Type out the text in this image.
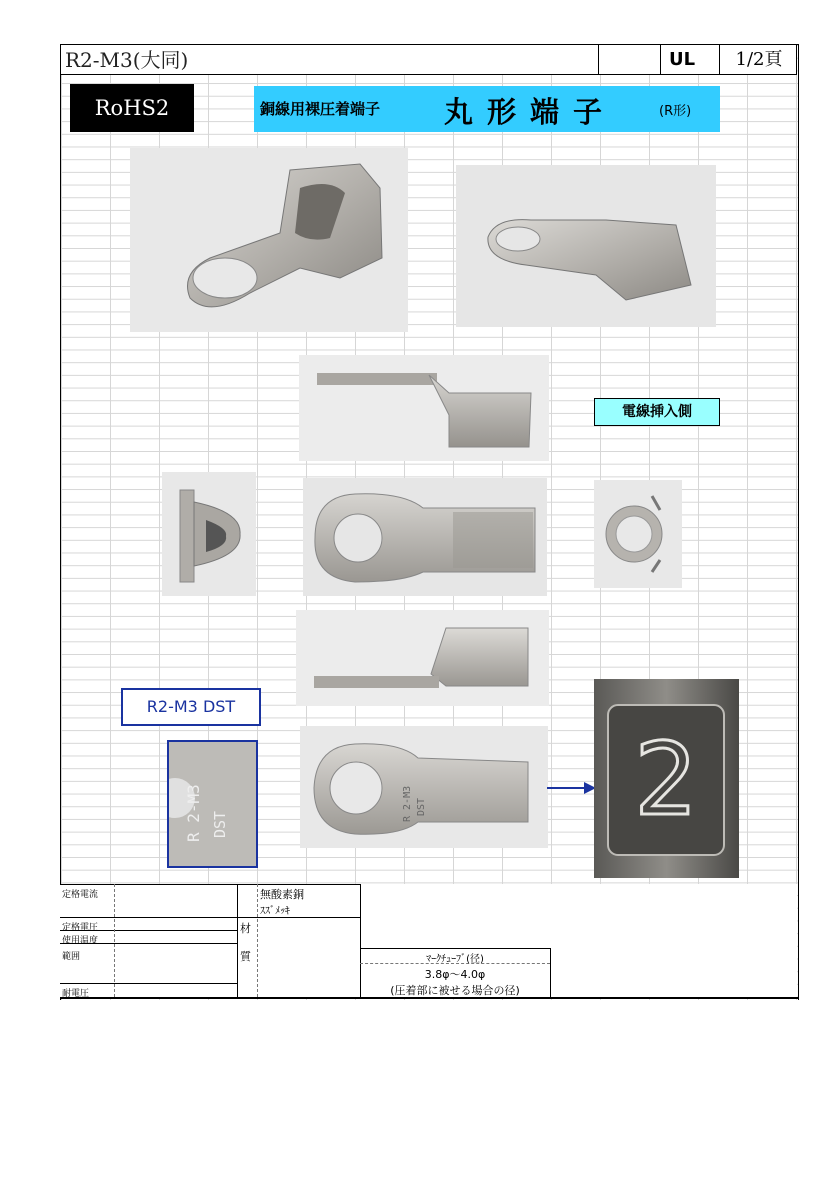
R2-M3(大同)	UL	1/2頁
RoHS2	銅線用裸圧着端子 丸形端子	(R形)
電線挿入側
R2-M3 DST
R 2-M3 DST
R 2-M3 DST 2
定格電流
定格電圧
使用温度
範囲
耐電圧
材
質
無酸素銅
ｽｽﾞﾒｯｷ
ﾏｰｸﾁｭｰﾌﾞ(径)
3.8φ～4.0φ
(圧着部に被せる場合の径)
